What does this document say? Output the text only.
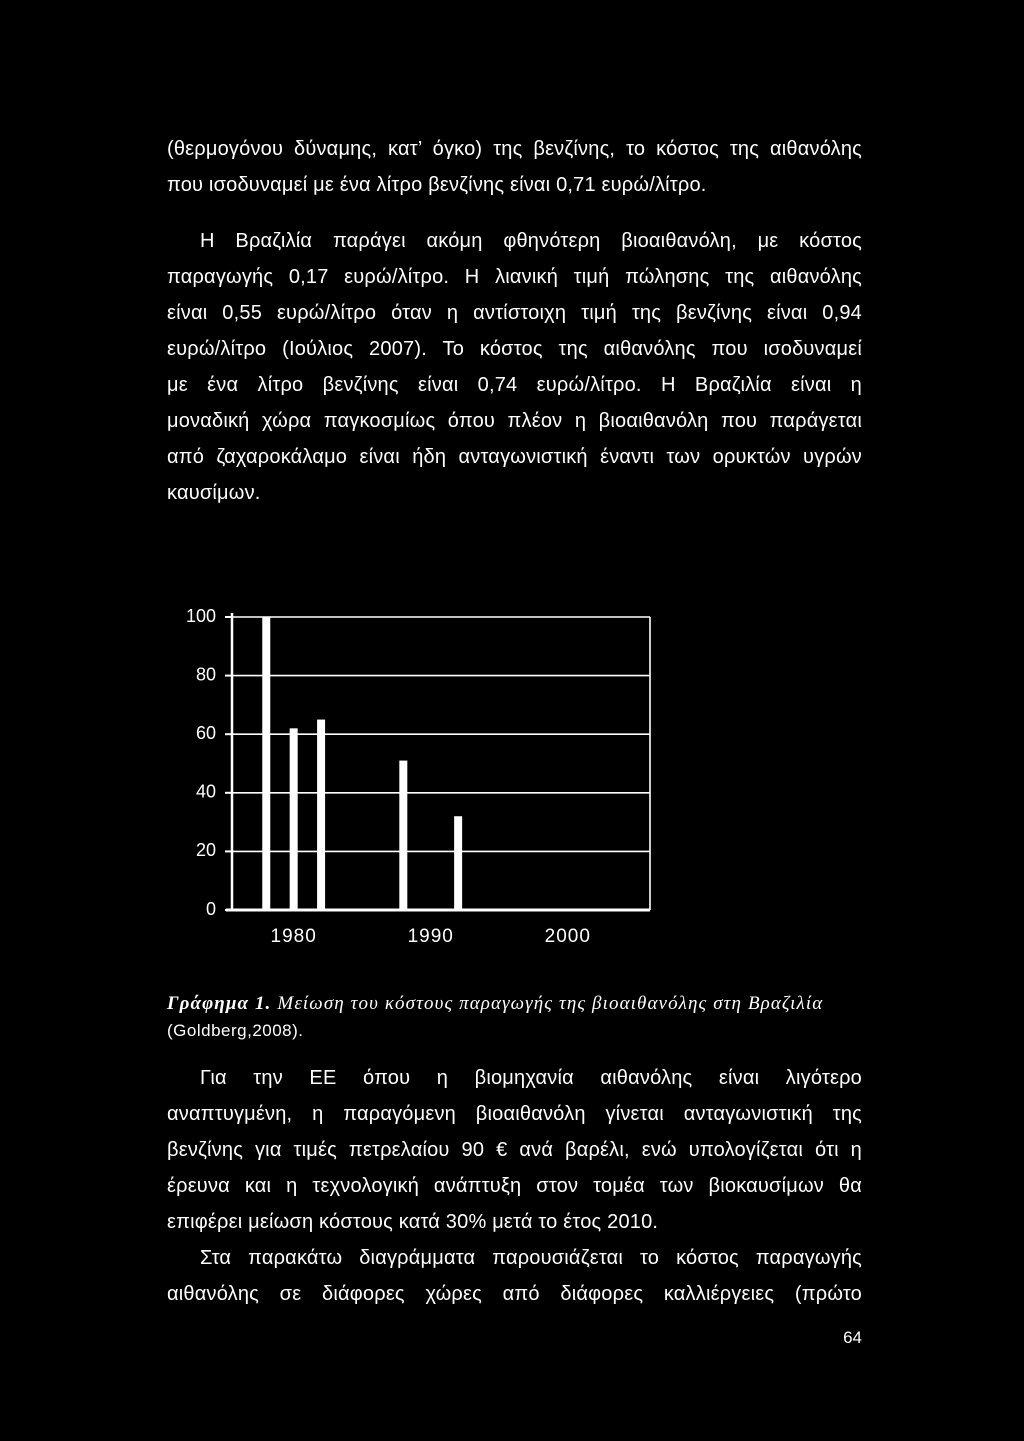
(θερμογόνου δύναμης, κατ’ όγκο) της βενζίνης, το κόστος της αιθανόλης
που ισοδυναμεί με ένα λίτρο βενζίνης είναι 0,71 ευρώ/λίτρο.
Η Βραζιλία παράγει ακόμη φθηνότερη βιοαιθανόλη, με κόστος
παραγωγής 0,17 ευρώ/λίτρο. Η λιανική τιμή πώλησης της αιθανόλης
είναι 0,55 ευρώ/λίτρο όταν η αντίστοιχη τιμή της βενζίνης είναι 0,94
ευρώ/λίτρο (Ιούλιος 2007). Το κόστος της αιθανόλης που ισοδυναμεί
με ένα λίτρο βενζίνης είναι 0,74 ευρώ/λίτρο. Η Βραζιλία είναι η
μοναδική χώρα παγκοσμίως όπου πλέον η βιοαιθανόλη που παράγεται
από ζαχαροκάλαμο είναι ήδη ανταγωνιστική έναντι των ορυκτών υγρών
καυσίμων.
0
20
40
60
80
100
1980	1990	2000
Γράφημα 1. Μείωση του κόστους παραγωγής της βιοαιθανόλης στη Βραζιλία
(Goldberg,2008).
Για την ΕΕ όπου η βιομηχανία αιθανόλης είναι λιγότερο
αναπτυγμένη, η παραγόμενη βιοαιθανόλη γίνεται ανταγωνιστική της
βενζίνης για τιμές πετρελαίου 90 € ανά βαρέλι, ενώ υπολογίζεται ότι η
έρευνα και η τεχνολογική ανάπτυξη στον τομέα των βιοκαυσίμων θα
επιφέρει μείωση κόστους κατά 30% μετά το έτος 2010.
Στα παρακάτω διαγράμματα παρουσιάζεται το κόστος παραγωγής
αιθανόλης σε διάφορες χώρες από διάφορες καλλιέργειες (πρώτο
64
